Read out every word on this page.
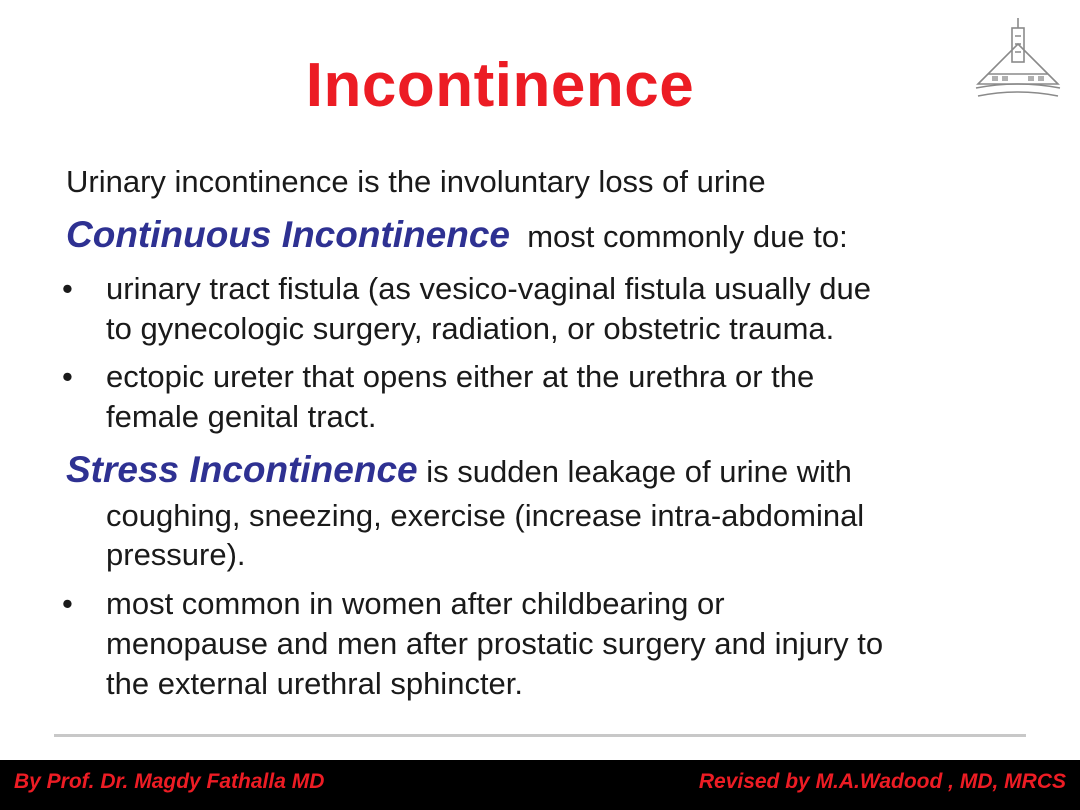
Incontinence
Urinary incontinence is the involuntary loss of urine
Continuous Incontinence most commonly due to:
• urinary tract fistula (as vesico-vaginal fistula usually due
to gynecologic surgery, radiation, or obstetric trauma.
• ectopic ureter that opens either at the urethra or the
female genital tract.
Stress Incontinence is sudden leakage of urine with
coughing, sneezing, exercise (increase intra-abdominal
pressure).
• most common in women after childbearing or
menopause and men after prostatic surgery and injury to
the external urethral sphincter.
By Prof. Dr. Magdy Fathalla MD	Revised by M.A.Wadood , MD, MRCS
